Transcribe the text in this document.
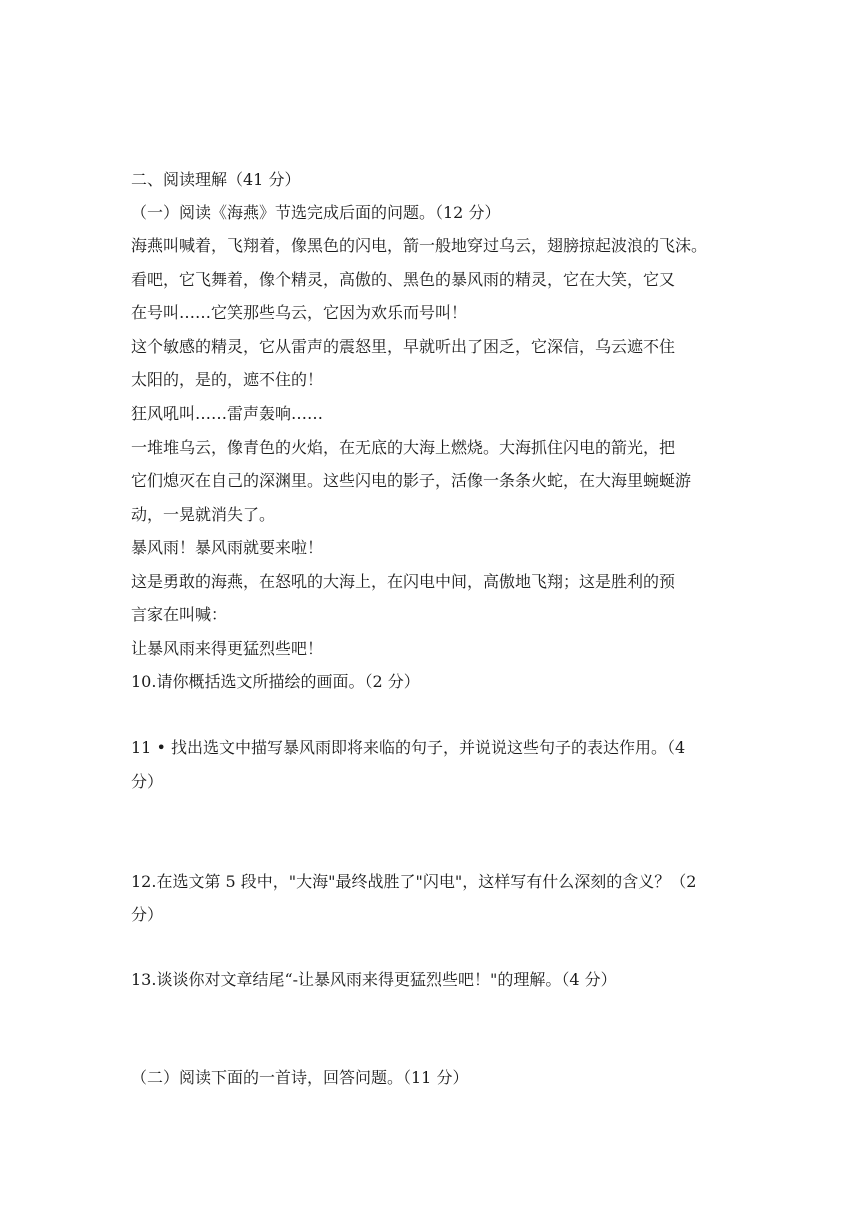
二、阅读理解（41 分）
（一）阅读《海燕》节选完成后面的问题。（12 分）
海燕叫喊着，飞翔着，像黑色的闪电，箭一般地穿过乌云，翅膀掠起波浪的飞沫。
看吧，它飞舞着，像个精灵，高傲的、黑色的暴风雨的精灵，它在大笑，它又
在号叫……它笑那些乌云，它因为欢乐而号叫！
这个敏感的精灵，它从雷声的震怒里，早就听出了困乏，它深信，乌云遮不住
太阳的，是的，遮不住的！
狂风吼叫……雷声轰响……
一堆堆乌云，像青色的火焰，在无底的大海上燃烧。大海抓住闪电的箭光，把
它们熄灭在自己的深渊里。这些闪电的影子，活像一条条火蛇，在大海里蜿蜒游
动，一晃就消失了。
暴风雨！暴风雨就要来啦！
这是勇敢的海燕，在怒吼的大海上，在闪电中间，高傲地飞翔；这是胜利的预
言家在叫喊：
让暴风雨来得更猛烈些吧！
10.请你概括选文所描绘的画面。（2 分）
11 • 找出选文中描写暴风雨即将来临的句子，并说说这些句子的表达作用。（4
分）
12.在选文第 5 段中，"大海"最终战胜了"闪电"，这样写有什么深刻的含义？（2
分）
13.谈谈你对文章结尾“-让暴风雨来得更猛烈些吧！"的理解。（4 分）
（二）阅读下面的一首诗，回答问题。（11 分）
